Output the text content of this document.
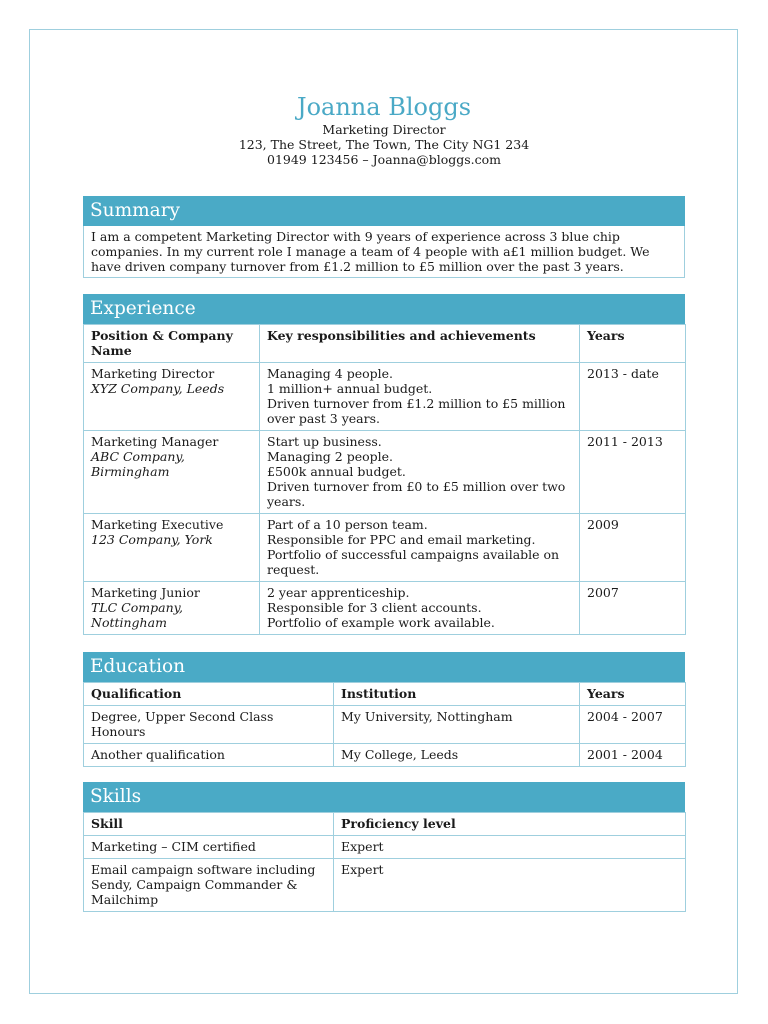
Joanna Bloggs
Marketing Director
123, The Street, The Town, The City NG1 234
01949 123456 – Joanna@bloggs.com
Summary
I am a competent Marketing Director with 9 years of experience across 3 blue chip companies. In my current role I manage a team of 4 people with a£1 million budget. We have driven company turnover from £1.2 million to £5 million over the past 3 years.
Experience
Position & Company Name	Key responsibilities and achievements	Years

Marketing Director
XYZ Company, Leeds	Managing 4 people.
1 million+ annual budget.
Driven turnover from £1.2 million to £5 million over past 3 years.	2013 - date

Marketing Manager
ABC Company, Birmingham	Start up business.
Managing 2 people.
£500k annual budget.
Driven turnover from £0 to £5 million over two years.	2011 - 2013

Marketing Executive
123 Company, York	Part of a 10 person team.
Responsible for PPC and email marketing.
Portfolio of successful campaigns available on request.	2009

Marketing Junior
TLC Company, Nottingham	2 year apprenticeship.
Responsible for 3 client accounts.
Portfolio of example work available.	2007
Education
Qualification	Institution	Years
Degree, Upper Second Class Honours	My University, Nottingham	2004 - 2007
Another qualification	My College, Leeds	2001 - 2004
Skills
Skill	Proficiency level
Marketing – CIM certified	Expert
Email campaign software including Sendy, Campaign Commander & Mailchimp	Expert
